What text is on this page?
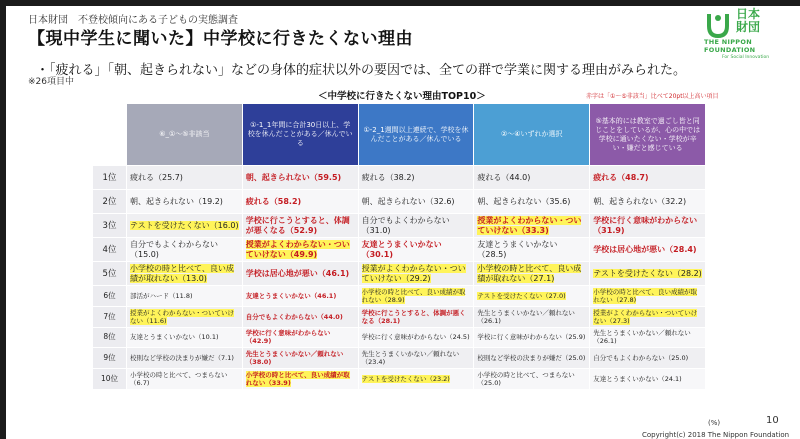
日本財団　不登校傾向にある子どもの実態調査
【現中学生に聞いた】中学校に行きたくない理由
・「疲れる」「朝、起きられない」などの身体的症状以外の要因では、全ての群で学業に関する理由がみられた。
※26項目中
日本
財団
THE NIPPON
FOUNDATION
For Social Innovation
＜中学校に行きたくない理由TOP10＞	赤字は「①～⑤非該当」比べて20pt以上高い項目
	⑥_①～⑤非該当	①-1_1年間に合計30日以上、学校を休んだことがある／休んでいる	①-2_1週間以上連続で、学校を休んだことがある／休んでいる	②～④いずれか選択	⑤基本的には教室で過ごし皆と同じことをしているが、心の中では学校に通いたくない・学校が辛い・嫌だと感じている
1位	疲れる（25.7)	朝、起きられない（59.5)	疲れる（38.2)	疲れる（44.0)	疲れる（48.7)
2位	朝、起きられない（19.2)	疲れる（58.2)	朝、起きられない（32.6)	朝、起きられない（35.6)	朝、起きられない（32.2)
3位	テストを受けたくない（16.0)	学校に行こうとすると、体調が悪くなる（52.9)	自分でもよくわからない（31.0)	授業がよくわからない・ついていけない（33.3)	学校に行く意味がわからない（31.9)
4位	自分でもよくわからない（15.0)	授業がよくわからない・ついていけない（49.9)	友達とうまくいかない（30.1)	友達とうまくいかない（28.5)	学校は居心地が悪い（28.4)
5位	小学校の時と比べて、良い成績が取れない（13.0)	学校は居心地が悪い（46.1)	授業がよくわからない・ついていけない（29.2)	小学校の時と比べて、良い成績が取れない（27.1)	テストを受けたくない（28.2)
6位	部活がハード（11.8)	友達とうまくいかない（46.1)	小学校の時と比べて、良い成績が取れない（28.9)	テストを受けたくない（27.0)	小学校の時と比べて、良い成績が取れない（27.8)
7位	授業がよくわからない・ついていけない（11.6)	自分でもよくわからない（44.0)	学校に行こうとすると、体調が悪くなる（28.1)	先生とうまくいかない／頼れない（26.1)	授業がよくわからない・ついていけない（27.3)
8位	友達とうまくいかない（10.1)	学校に行く意味がわからない（42.9)	学校に行く意味がわからない（24.5)	学校に行く意味がわからない（25.9)	先生とうまくいかない／頼れない（26.1)
9位	校則など学校の決まりが嫌だ（7.1)	先生とうまくいかない／頼れない（38.0)	先生とうまくいかない／頼れない（23.4)	校則など学校の決まりが嫌だ（25.0)	自分でもよくわからない（25.0)
10位	小学校の時と比べて、つまらない（6.7)	小学校の時と比べて、良い成績が取れない（33.9)	テストを受けたくない（23.2)	小学校の時と比べて、つまらない（25.0)	友達とうまくいかない（24.1)
(%)	10
Copyright(c) 2018 The Nippon Foundation
